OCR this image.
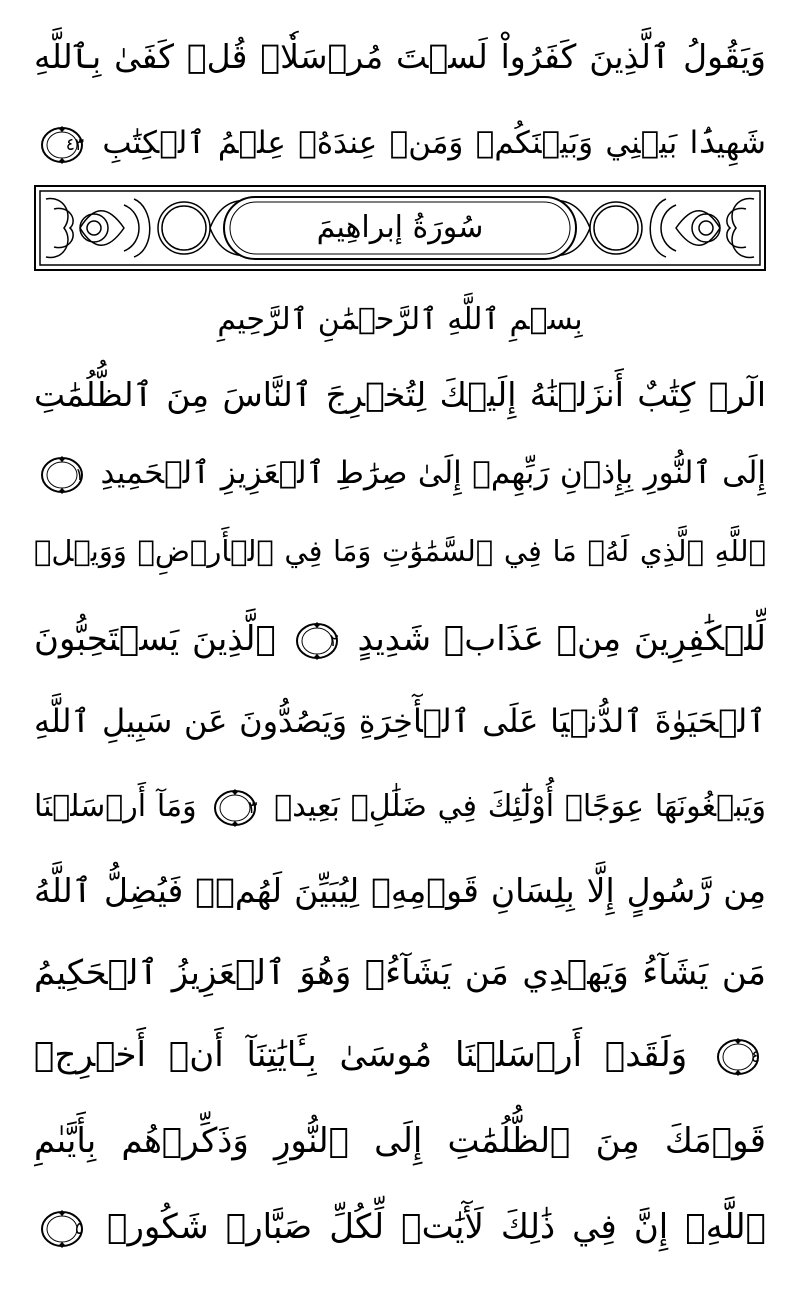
وَيَقُولُ ٱلَّذِينَ كَفَرُواْ لَسۡتَ مُرۡسَلٗاۚ قُلۡ كَفَىٰ بِٱللَّهِ
شَهِيدَۢا بَيۡنِي وَبَيۡنَكُمۡ وَمَنۡ عِندَهُۥ عِلۡمُ ٱلۡكِتَٰبِ
٤٣
سُورَةُ إبراهِيمَ
بِسۡمِ ٱللَّهِ ٱلرَّحۡمَٰنِ ٱلرَّحِيمِ
الٓرۚ كِتَٰبٌ أَنزَلۡنَٰهُ إِلَيۡكَ لِتُخۡرِجَ ٱلنَّاسَ مِنَ ٱلظُّلُمَٰتِ
إِلَى ٱلنُّورِ بِإِذۡنِ رَبِّهِمۡ إِلَىٰ صِرَٰطِ ٱلۡعَزِيزِ ٱلۡحَمِيدِ
١
ٱللَّهِ ٱلَّذِي لَهُۥ مَا فِي ٱلسَّمَٰوَٰتِ وَمَا فِي ٱلۡأَرۡضِۗ وَوَيۡلٞ
لِّلۡكَٰفِرِينَ مِنۡ عَذَابٖ شَدِيدٍ
٢
ٱلَّذِينَ يَسۡتَحِبُّونَ
ٱلۡحَيَوٰةَ ٱلدُّنۡيَا عَلَى ٱلۡأٓخِرَةِ وَيَصُدُّونَ عَن سَبِيلِ ٱللَّهِ
وَيَبۡغُونَهَا عِوَجًاۚ أُوْلَٰٓئِكَ فِي ضَلَٰلِۭ بَعِيدٖ
٣
وَمَآ أَرۡسَلۡنَا
مِن رَّسُولٍ إِلَّا بِلِسَانِ قَوۡمِهِۦ لِيُبَيِّنَ لَهُمۡۖ فَيُضِلُّ ٱللَّهُ
مَن يَشَآءُ وَيَهۡدِي مَن يَشَآءُۚ وَهُوَ ٱلۡعَزِيزُ ٱلۡحَكِيمُ
٤
وَلَقَدۡ أَرۡسَلۡنَا مُوسَىٰ بِـَٔايَٰتِنَآ أَنۡ أَخۡرِجۡ
قَوۡمَكَ مِنَ ٱلظُّلُمَٰتِ إِلَى ٱلنُّورِ وَذَكِّرۡهُم بِأَيَّىٰمِ
ٱللَّهِۚ إِنَّ فِي ذَٰلِكَ لَأٓيَٰتٖ لِّكُلِّ صَبَّارٖ شَكُورٖ
٥
